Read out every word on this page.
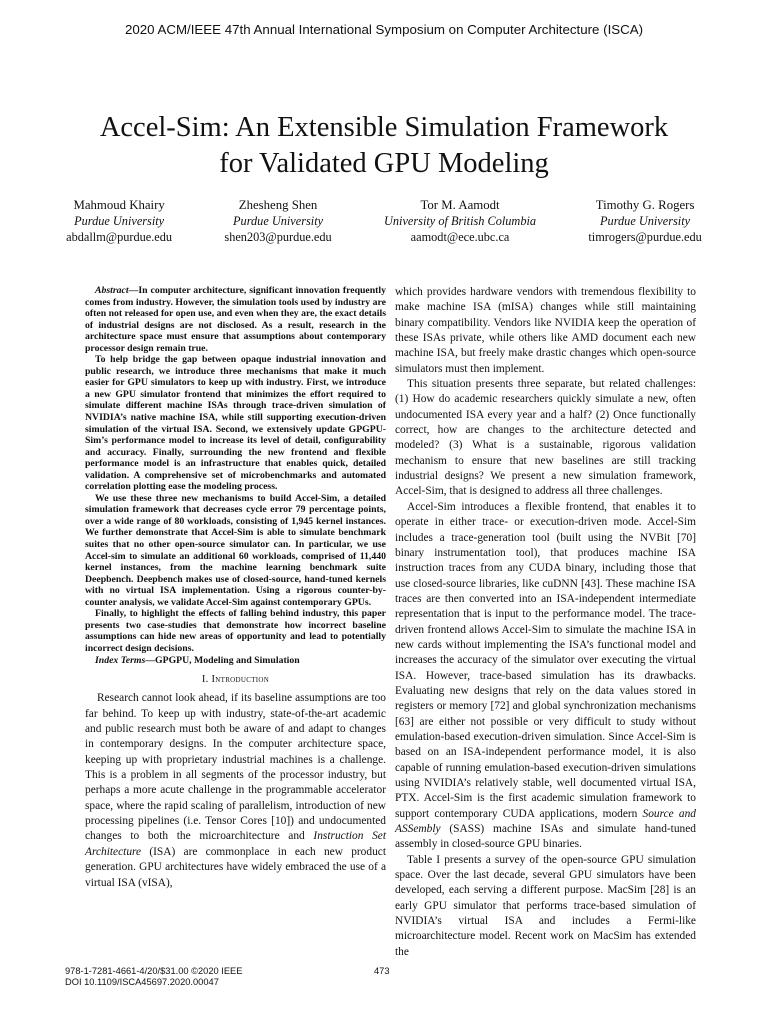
2020 ACM/IEEE 47th Annual International Symposium on Computer Architecture (ISCA)
Accel-Sim: An Extensible Simulation Framework
for Validated GPU Modeling
Mahmoud Khairy
Purdue University
abdallm@purdue.edu
Zhesheng Shen
Purdue University
shen203@purdue.edu
Tor M. Aamodt
University of British Columbia
aamodt@ece.ubc.ca
Timothy G. Rogers
Purdue University
timrogers@purdue.edu

Abstract—In computer architecture, significant innovation frequently comes from industry. However, the simulation tools used by industry are often not released for open use, and even when they are, the exact details of industrial designs are not disclosed. As a result, research in the architecture space must ensure that assumptions about contemporary processor design remain true.

To help bridge the gap between opaque industrial innovation and public research, we introduce three mechanisms that make it much easier for GPU simulators to keep up with industry. First, we introduce a new GPU simulator frontend that minimizes the effort required to simulate different machine ISAs through trace-driven simulation of NVIDIA’s native machine ISA, while still supporting execution-driven simulation of the virtual ISA. Second, we extensively update GPGPU-Sim’s performance model to increase its level of detail, configurability and accuracy. Finally, surrounding the new frontend and flexible performance model is an infrastructure that enables quick, detailed validation. A comprehensive set of microbenchmarks and automated correlation plotting ease the modeling process.

We use these three new mechanisms to build Accel-Sim, a detailed simulation framework that decreases cycle error 79 percentage points, over a wide range of 80 workloads, consisting of 1,945 kernel instances. We further demonstrate that Accel-Sim is able to simulate benchmark suites that no other open-source simulator can. In particular, we use Accel-sim to simulate an additional 60 workloads, comprised of 11,440 kernel instances, from the machine learning benchmark suite Deepbench. Deepbench makes use of closed-source, hand-tuned kernels with no virtual ISA implementation. Using a rigorous counter-by-counter analysis, we validate Accel-Sim against contemporary GPUs.

Finally, to highlight the effects of falling behind industry, this paper presents two case-studies that demonstrate how incorrect baseline assumptions can hide new areas of opportunity and lead to potentially incorrect design decisions.

Index Terms—GPGPU, Modeling and Simulation

I. Introduction

Research cannot look ahead, if its baseline assumptions are too far behind. To keep up with industry, state-of-the-art academic and public research must both be aware of and adapt to changes in contemporary designs. In the computer architecture space, keeping up with proprietary industrial machines is a challenge. This is a problem in all segments of the processor industry, but perhaps a more acute challenge in the programmable accelerator space, where the rapid scaling of parallelism, introduction of new processing pipelines (i.e. Tensor Cores [10]) and undocumented changes to both the microarchitecture and Instruction Set Architecture (ISA) are commonplace in each new product generation. GPU architectures have widely embraced the use of a virtual ISA (vISA),

which provides hardware vendors with tremendous flexibility to make machine ISA (mISA) changes while still maintaining binary compatibility. Vendors like NVIDIA keep the operation of these ISAs private, while others like AMD document each new machine ISA, but freely make drastic changes which open-source simulators must then implement.

This situation presents three separate, but related challenges: (1) How do academic researchers quickly simulate a new, often undocumented ISA every year and a half? (2) Once functionally correct, how are changes to the architecture detected and modeled? (3) What is a sustainable, rigorous validation mechanism to ensure that new baselines are still tracking industrial designs? We present a new simulation framework, Accel-Sim, that is designed to address all three challenges.

Accel-Sim introduces a flexible frontend, that enables it to operate in either trace- or execution-driven mode. Accel-Sim includes a trace-generation tool (built using the NVBit [70] binary instrumentation tool), that produces machine ISA instruction traces from any CUDA binary, including those that use closed-source libraries, like cuDNN [43]. These machine ISA traces are then converted into an ISA-independent intermediate representation that is input to the performance model. The trace-driven frontend allows Accel-Sim to simulate the machine ISA in new cards without implementing the ISA’s functional model and increases the accuracy of the simulator over executing the virtual ISA. However, trace-based simulation has its drawbacks. Evaluating new designs that rely on the data values stored in registers or memory [72] and global synchronization mechanisms [63] are either not possible or very difficult to study without emulation-based execution-driven simulation. Since Accel-Sim is based on an ISA-independent performance model, it is also capable of running emulation-based execution-driven simulations using NVIDIA’s relatively stable, well documented virtual ISA, PTX. Accel-Sim is the first academic simulation framework to support contemporary CUDA applications, modern Source and ASSembly (SASS) machine ISAs and simulate hand-tuned assembly in closed-source GPU binaries.

Table I presents a survey of the open-source GPU simulation space. Over the last decade, several GPU simulators have been developed, each serving a different purpose. MacSim [28] is an early GPU simulator that performs trace-based simulation of NVIDIA’s virtual ISA and includes a Fermi-like microarchitecture model. Recent work on MacSim has extended the

978-1-7281-4661-4/20/$31.00 ©2020 IEEE
DOI 10.1109/ISCA45697.2020.00047
473
